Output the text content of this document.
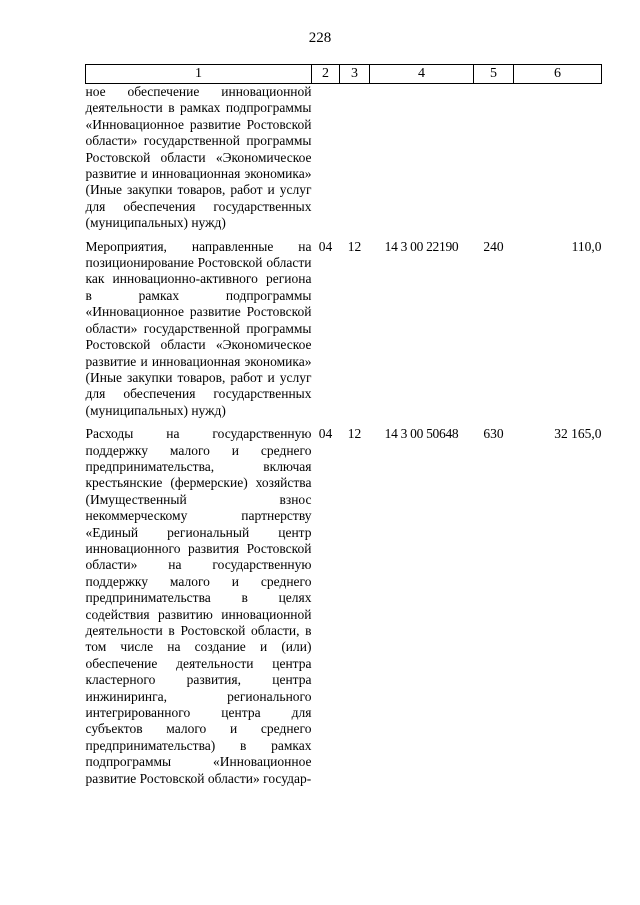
228
1	2	3	4	5	6
ное обеспечение инновационной деятельности в рамках подпрограммы «Инновационное развитие Ростовской области» государственной программы Ростовской области «Экономическое развитие и инновационная экономика» (Иные закупки товаров, работ и услуг для обеспечения государственных (муниципальных) нужд)					
Мероприятия, направленные на позиционирование Ростовской области как инновационно-активного региона в рамках подпрограммы «Инновационное развитие Ростовской области» государственной программы Ростовской области «Экономическое развитие и инновационная экономика» (Иные закупки товаров, работ и услуг для обеспечения государственных (муниципальных) нужд)	04	12	14 3 00 22190	240	110,0
Расходы на государственную поддержку малого и среднего предпринимательства, включая крестьянские (фермерские) хозяйства (Имущественный взнос некоммерческому партнерству «Единый региональный центр инновационного развития Ростовской области» на государственную поддержку малого и среднего предпринимательства в целях содействия развитию инновационной деятельности в Ростовской области, в том числе на создание и (или) обеспечение деятельности центра кластерного развития, центра инжиниринга, регионального интегрированного центра для субъектов малого и среднего предпринимательства) в рамках подпрограммы «Инновационное развитие Ростовской области» государ-	04	12	14 3 00 50648	630	32 165,0
